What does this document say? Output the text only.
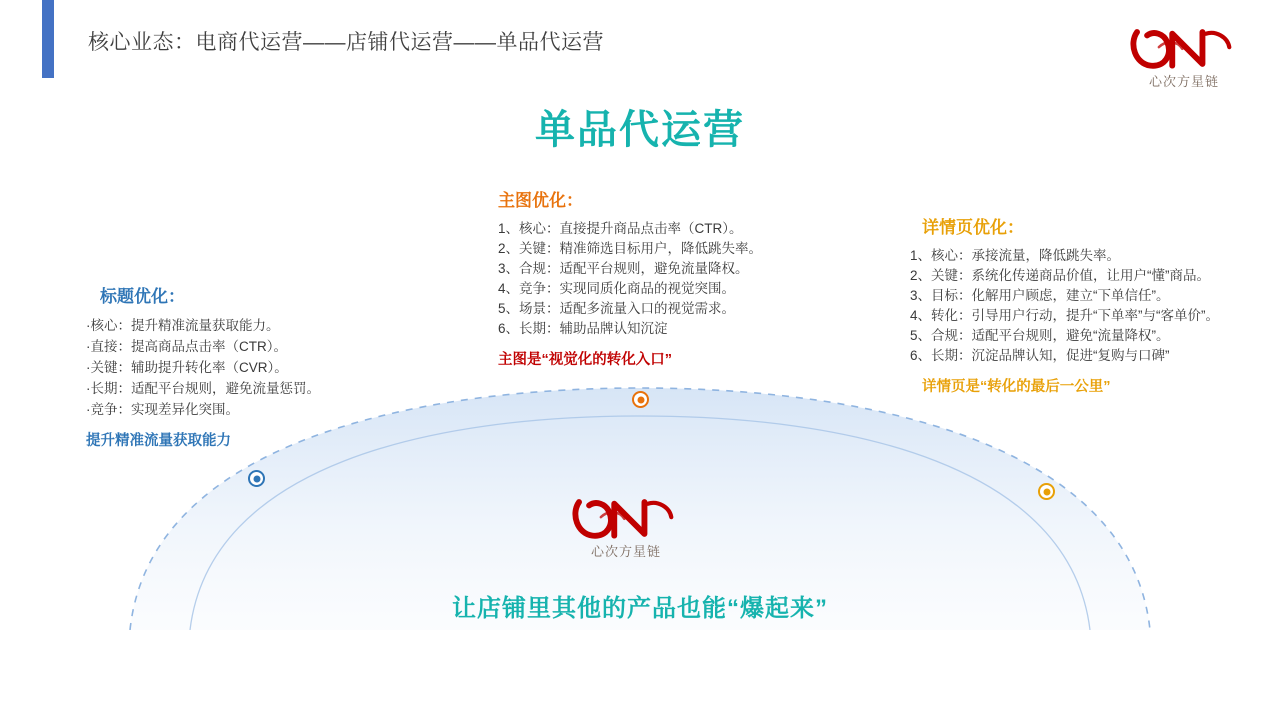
核心业态：电商代运营——店铺代运营——单品代运营
心次方星链
单品代运营
标题优化：
·核心：提升精准流量获取能力。
·直接：提高商品点击率（CTR）。
·关键：辅助提升转化率（CVR）。
·长期：适配平台规则，避免流量惩罚。
·竞争：实现差异化突围。
提升精准流量获取能力
主图优化：
1、核心：直接提升商品点击率（CTR）。
2、关键：精准筛选目标用户，降低跳失率。
3、合规：适配平台规则，避免流量降权。
4、竞争：实现同质化商品的视觉突围。
5、场景：适配多流量入口的视觉需求。
6、长期：辅助品牌认知沉淀
主图是“视觉化的转化入口”
详情页优化：
1、核心：承接流量，降低跳失率。
2、关键：系统化传递商品价值，让用户“懂”商品。
3、目标：化解用户顾虑，建立“下单信任”。
4、转化：引导用户行动，提升“下单率”与“客单价”。
5、合规：适配平台规则，避免“流量降权”。
6、长期：沉淀品牌认知，促进“复购与口碑”
详情页是“转化的最后一公里”
心次方星链
让店铺里其他的产品也能“爆起来”
